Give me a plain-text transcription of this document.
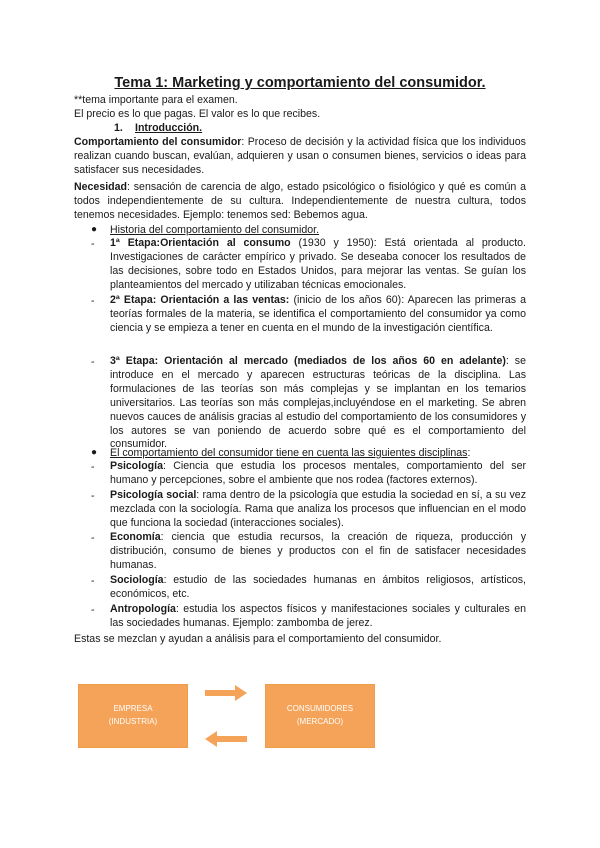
Tema 1: Marketing y comportamiento del consumidor.

**tema importante para el examen.

El precio es lo que pagas. El valor es lo que recibes.

1. Introducción.

Comportamiento del consumidor: Proceso de decisión y la actividad física que los individuos realizan cuando buscan, evalúan, adquieren y usan o consumen bienes, servicios o ideas para satisfacer sus necesidades.

Necesidad: sensación de carencia de algo, estado psicológico o fisiológico y qué es común a todos independientemente de su cultura. Independientemente de nuestra cultura, todos tenemos necesidades. Ejemplo: tenemos sed: Bebemos agua.

● Historia del comportamiento del consumidor.
- 1ª Etapa:Orientación al consumo (1930 y 1950): Está orientada al producto. Investigaciones de carácter empírico y privado. Se deseaba conocer los resultados de las decisiones, sobre todo en Estados Unidos, para mejorar las ventas. Se guían los planteamientos del mercado y utilizaban técnicas emocionales.

- 2ª Etapa: Orientación a las ventas: (inicio de los años 60): Aparecen las primeras a teorías formales de la materia, se identifica el comportamiento del consumidor ya como ciencia y se empieza a tener en cuenta en el mundo de la investigación científica.

- 3ª Etapa: Orientación al mercado (mediados de los años 60 en adelante): se introduce en el mercado y aparecen estructuras teóricas de la disciplina. Las formulaciones de las teorías son más complejas y se implantan en los temarios universitarios. Las teorías son más complejas,incluyéndose en el marketing. Se abren nuevos cauces de análisis gracias al estudio del comportamiento de los consumidores y los autores se van poniendo de acuerdo sobre qué es el comportamiento del consumidor.

● El comportamiento del consumidor tiene en cuenta las siguientes disciplinas:
- Psicología: Ciencia que estudia los procesos mentales, comportamiento del ser humano y percepciones, sobre el ambiente que nos rodea (factores externos).

- Psicología social: rama dentro de la psicología que estudia la sociedad en sí, a su vez mezclada con la sociología. Rama que analiza los procesos que influencian en el modo que funciona la sociedad (interacciones sociales).

- Economía: ciencia que estudia recursos, la creación de riqueza, producción y distribución, consumo de bienes y productos con el fin de satisfacer necesidades humanas.

- Sociología: estudio de las sociedades humanas en ámbitos religiosos, artísticos, económicos, etc.

- Antropología: estudia los aspectos físicos y manifestaciones sociales y culturales en las sociedades humanas. Ejemplo: zambomba de jerez.

Estas se mezclan y ayudan a análisis para el comportamiento del consumidor.

EMPRESA
(INDUSTRIA)
CONSUMIDORES
(MERCADO)
